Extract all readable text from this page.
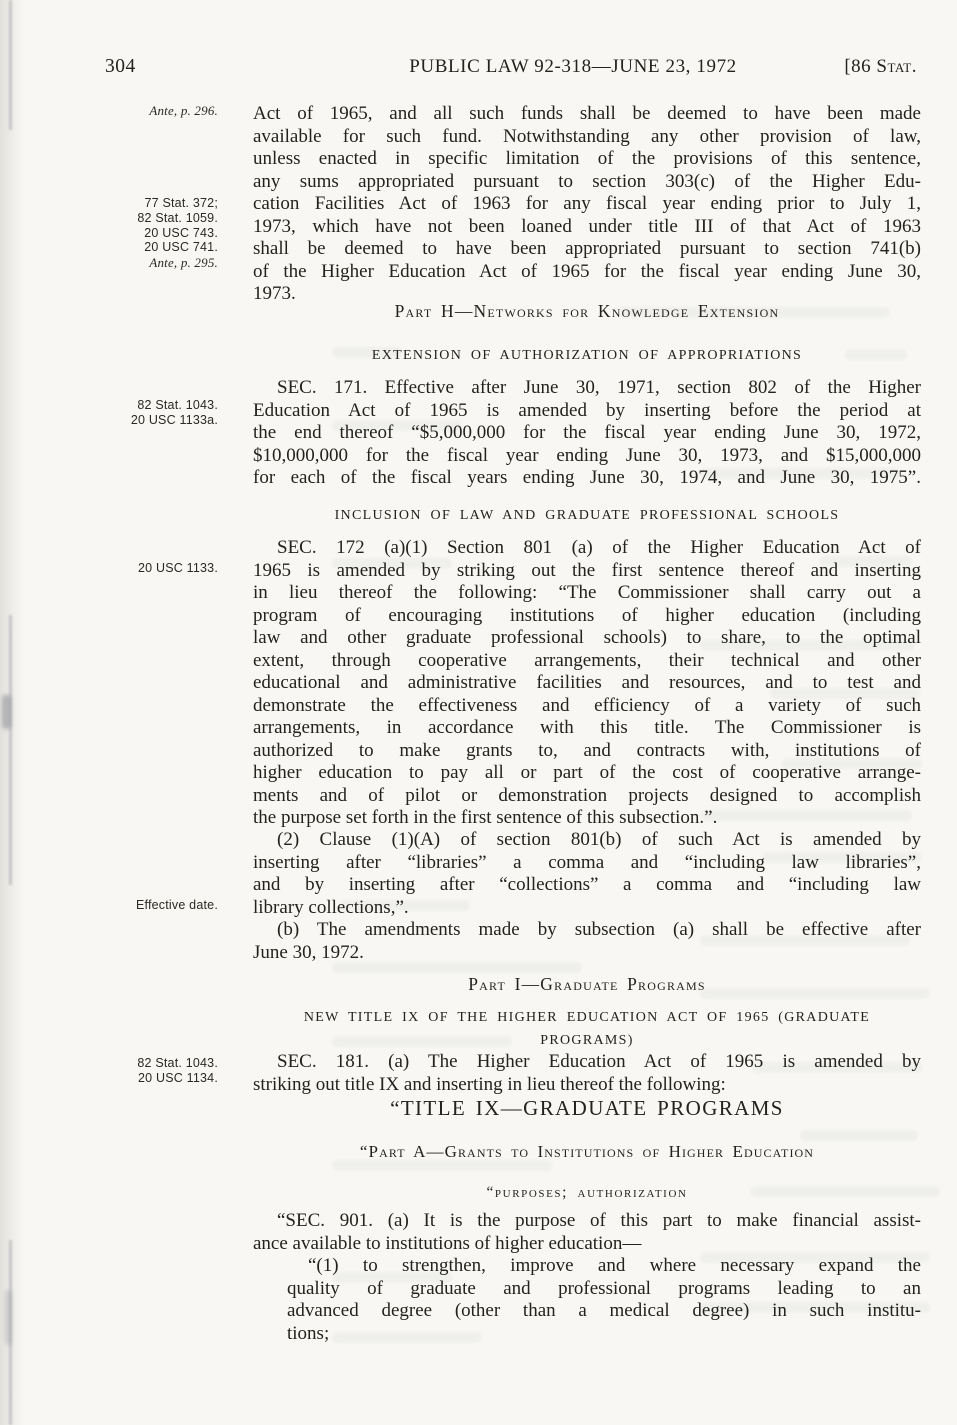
304	PUBLIC LAW 92-318—JUNE 23, 1972	[86 Stat.
Ante, p. 296.
77 Stat. 372;
82 Stat. 1059.
20 USC 743.
20 USC 741.
Ante, p. 295.
82 Stat. 1043.
20 USC 1133a.
20 USC 1133.
Effective date.
82 Stat. 1043.
20 USC 1134.
Act of 1965, and all such funds shall be deemed to have been made
available for such fund. Notwithstanding any other provision of law,
unless enacted in specific limitation of the provisions of this sentence,
any sums appropriated pursuant to section 303(c) of the Higher Edu-
cation Facilities Act of 1963 for any fiscal year ending prior to July 1,
1973, which have not been loaned under title III of that Act of 1963
shall be deemed to have been appropriated pursuant to section 741(b)
of the Higher Education Act of 1965 for the fiscal year ending June 30,
1973.
Part H—Networks for Knowledge Extension
EXTENSION OF AUTHORIZATION OF APPROPRIATIONS
SEC. 171. Effective after June 30, 1971, section 802 of the Higher
Education Act of 1965 is amended by inserting before the period at
the end thereof “$5,000,000 for the fiscal year ending June 30, 1972,
$10,000,000 for the fiscal year ending June 30, 1973, and $15,000,000
for each of the fiscal years ending June 30, 1974, and June 30, 1975”.
INCLUSION OF LAW AND GRADUATE PROFESSIONAL SCHOOLS
SEC. 172 (a)(1) Section 801 (a) of the Higher Education Act of
1965 is amended by striking out the first sentence thereof and inserting
in lieu thereof the following: “The Commissioner shall carry out a
program of encouraging institutions of higher education (including
law and other graduate professional schools) to share, to the optimal
extent, through cooperative arrangements, their technical and other
educational and administrative facilities and resources, and to test and
demonstrate the effectiveness and efficiency of a variety of such
arrangements, in accordance with this title. The Commissioner is
authorized to make grants to, and contracts with, institutions of
higher education to pay all or part of the cost of cooperative arrange-
ments and of pilot or demonstration projects designed to accomplish
the purpose set forth in the first sentence of this subsection.”.
(2) Clause (1)(A) of section 801(b) of such Act is amended by
inserting after “libraries” a comma and “including law libraries”,
and by inserting after “collections” a comma and “including law
library collections,”.
(b) The amendments made by subsection (a) shall be effective after
June 30, 1972.
Part I—Graduate Programs
NEW TITLE IX OF THE HIGHER EDUCATION ACT OF 1965 (GRADUATE
PROGRAMS)
SEC. 181. (a) The Higher Education Act of 1965 is amended by
striking out title IX and inserting in lieu thereof the following:
“TITLE IX—GRADUATE PROGRAMS
“Part A—Grants to Institutions of Higher Education
“purposes; authorization
“SEC. 901. (a) It is the purpose of this part to make financial assist-
ance available to institutions of higher education—
“(1) to strengthen, improve and where necessary expand the
quality of graduate and professional programs leading to an
advanced degree (other than a medical degree) in such institu-
tions;
